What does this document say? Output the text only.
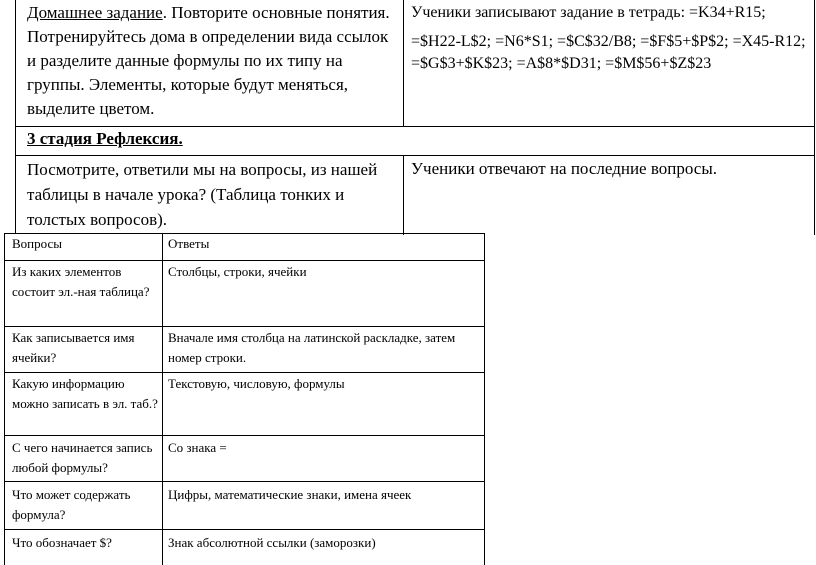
Домашнее задание. Повторите основные понятия. Потренируйтесь дома в определении вида ссылок и разделите данные формулы по их типу на группы. Элементы, которые будут меняться, выделите цветом.
Ученики записывают задание в тетрадь: =K34+R15;
=$H22-L$2; =N6*S1; =$C$32/B8; =$F$5+$P$2; =X45-R12; =$G$3+$K$23; =A$8*$D31; =$M$56+$Z$23
3 стадия Рефлексия.
Посмотрите, ответили мы на вопросы, из нашей таблицы в начале урока? (Таблица тонких и толстых вопросов).
Ученики отвечают на последние вопросы.
Вопросы	Ответы
Из каких элементов состоит эл.-ная таблица?
Столбцы, строки, ячейки
Как записывается имя ячейки?
Вначале имя столбца на латинской раскладке, затем номер строки.
Какую информацию можно записать в эл. таб.?
Текстовую, числовую, формулы
С чего начинается запись любой формулы?
Со знака =
Что может содержать формула?
Цифры, математические знаки, имена ячеек
Что обозначает $?	Знак абсолютной ссылки (заморозки)
